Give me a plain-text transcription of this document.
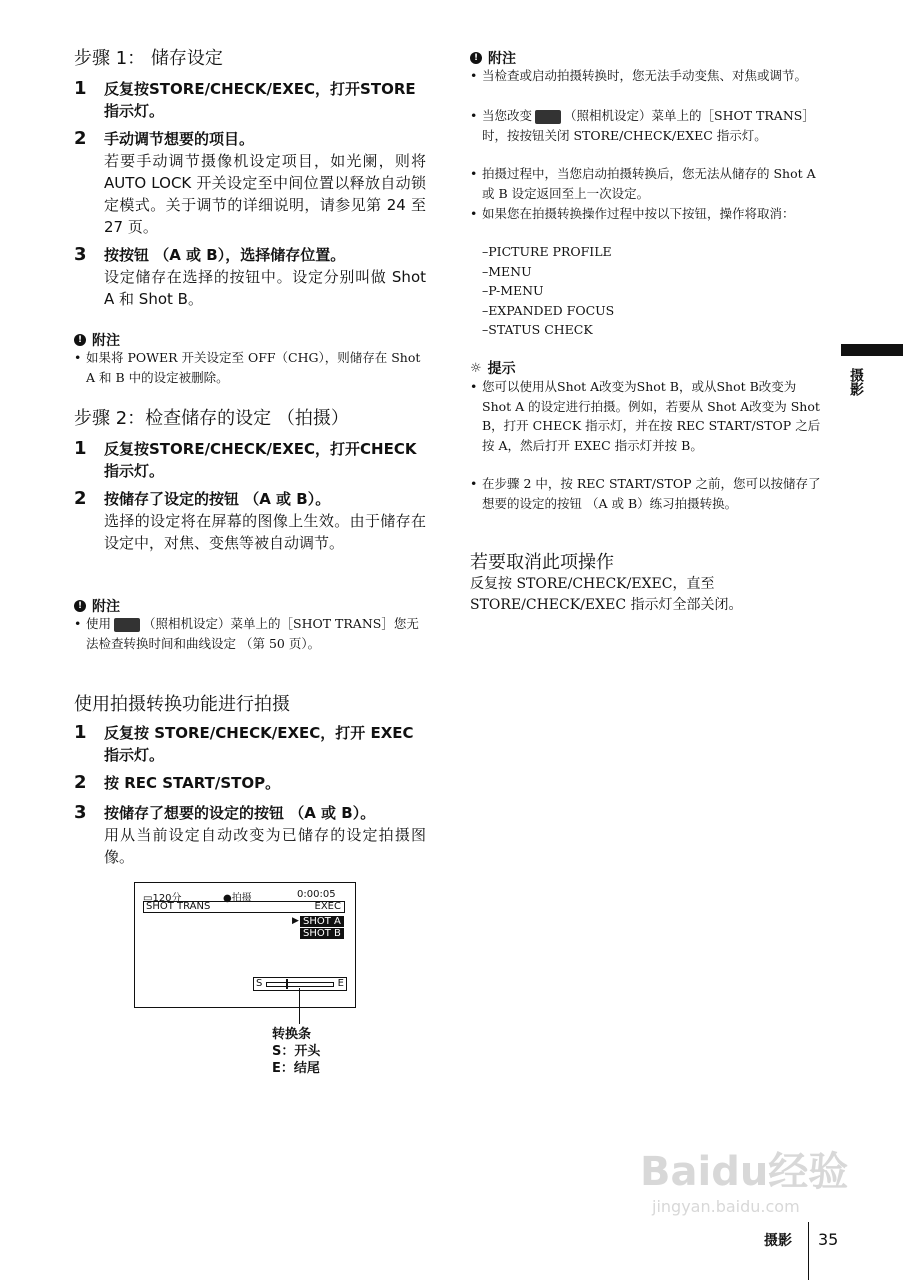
步骤 1： 储存设定
1 反复按STORE/CHECK/EXEC，打开STORE指示灯。
2 手动调节想要的项目。
若要手动调节摄像机设定项目，如光阑，则将 AUTO LOCK 开关设定至中间位置以释放自动锁定模式。关于调节的详细说明，请参见第 24 至 27 页。
3 按按钮 （A 或 B），选择储存位置。
设定储存在选择的按钮中。设定分别叫做 Shot A 和 Shot B。
! 附注
• 如果将 POWER 开关设定至 OFF（CHG），则储存在 Shot A 和 B 中的设定被删除。
步骤 2：检查储存的设定 （拍摄）
1 反复按STORE/CHECK/EXEC，打开CHECK指示灯。
2 按储存了设定的按钮 （A 或 B）。
选择的设定将在屏幕的图像上生效。由于储存在设定中，对焦、变焦等被自动调节。
! 附注
• 使用	（照相机设定）菜单上的［SHOT TRANS］您无法检查转换时间和曲线设定 （第 50 页）。
使用拍摄转换功能进行拍摄
1 反复按 STORE/CHECK/EXEC，打开 EXEC 指示灯。
2 按 REC START/STOP。
3 按储存了想要的设定的按钮 （A 或 B）。
用从当前设定自动改变为已储存的设定拍摄图像。
▭120分	●拍摄	0:00:05
SHOT TRANS	EXEC
▶ SHOT A
SHOT B
S	E
转换条
S：开头
E：结尾
! 附注
• 当检查或启动拍摄转换时，您无法手动变焦、对焦或调节。
• 当您改变	（照相机设定）菜单上的［SHOT TRANS］时，按按钮关闭 STORE/CHECK/EXEC 指示灯。
• 拍摄过程中，当您启动拍摄转换后，您无法从储存的 Shot A 或 B 设定返回至上一次设定。
• 如果您在拍摄转换操作过程中按以下按钮，操作将取消：
–PICTURE PROFILE
–MENU
–P-MENU
–EXPANDED FOCUS
–STATUS CHECK
☼ 提示
• 您可以使用从Shot A改变为Shot B，或从Shot B改变为 Shot A 的设定进行拍摄。例如，若要从 Shot A改变为 Shot B，打开 CHECK 指示灯，并在按 REC START/STOP 之后按 A，然后打开 EXEC 指示灯并按 B。
• 在步骤 2 中，按 REC START/STOP 之前，您可以按储存了想要的设定的按钮 （A 或 B）练习拍摄转换。
若要取消此项操作
反复按 STORE/CHECK/EXEC，直至 STORE/CHECK/EXEC 指示灯全部关闭。
摄影
Baidu经验
jingyan.baidu.com
摄影 35
